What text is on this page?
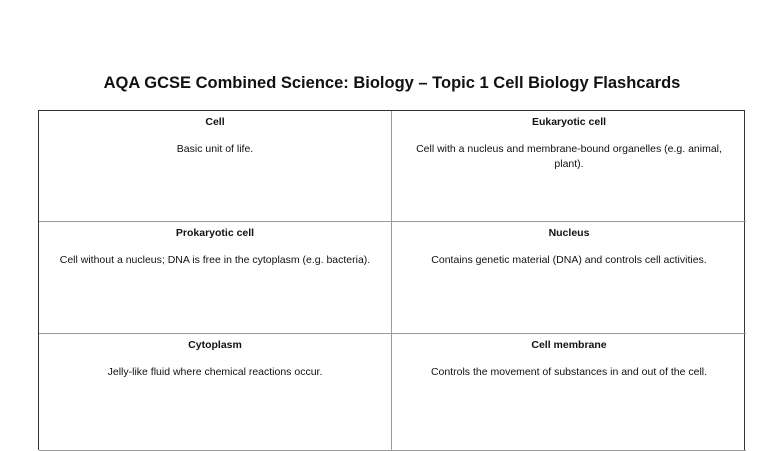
AQA GCSE Combined Science: Biology – Topic 1 Cell Biology Flashcards
Cell
Basic unit of life.
Eukaryotic cell
Cell with a nucleus and membrane-bound organelles (e.g. animal, plant).
Prokaryotic cell
Cell without a nucleus; DNA is free in the cytoplasm (e.g. bacteria).
Nucleus
Contains genetic material (DNA) and controls cell activities.
Cytoplasm
Jelly-like fluid where chemical reactions occur.
Cell membrane
Controls the movement of substances in and out of the cell.
